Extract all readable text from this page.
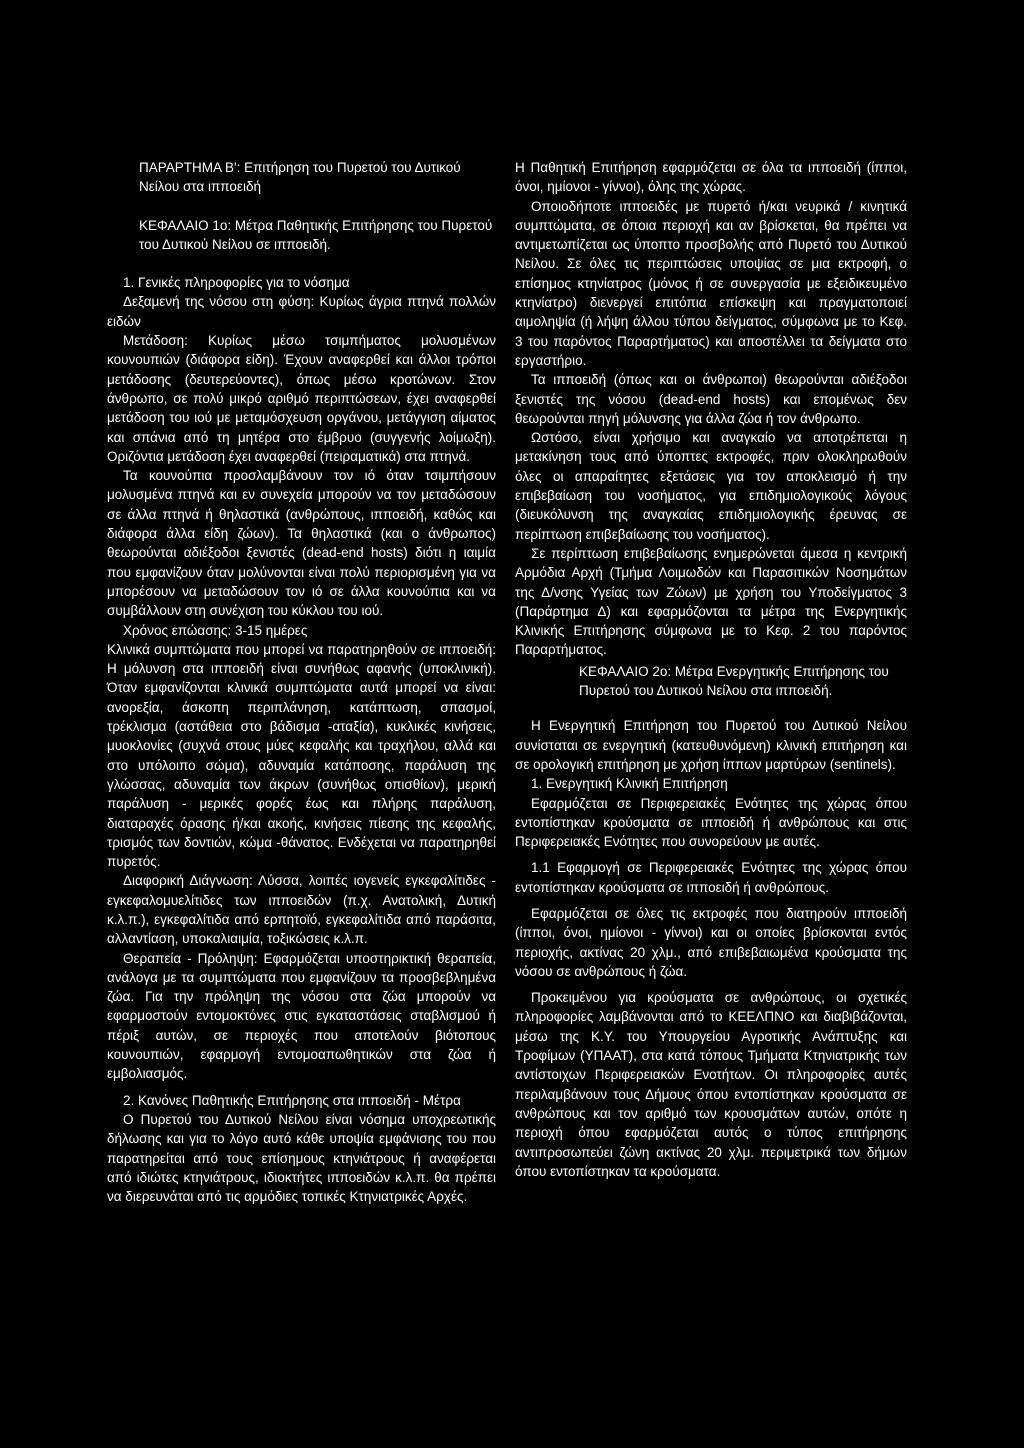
ΠΑΡΑΡΤΗΜΑ Β': Επιτήρηση του Πυρετού του Δυτικού Νείλου στα ιπποειδή

ΚΕΦΑΛΑΙΟ 1ο: Μέτρα Παθητικής Επιτήρησης του Πυρετού του Δυτικού Νείλου σε ιπποειδή.

1. Γενικές πληροφορίες για το νόσημα

Δεξαμενή της νόσου στη φύση: Κυρίως άγρια πτηνά πολλών ειδών

Μετάδοση: Κυρίως μέσω τσιμπήματος μολυσμένων κουνουπιών (διάφορα είδη). Έχουν αναφερθεί και άλλοι τρόποι μετάδοσης (δευτερεύοντες), όπως μέσω κροτώνων. Στον άνθρωπο, σε πολύ μικρό αριθμό περιπτώσεων, έχει αναφερθεί μετάδοση του ιού με μεταμόσχευση οργάνου, μετάγγιση αίματος και σπάνια από τη μητέρα στο έμβρυο (συγγενής λοίμωξη). Οριζόντια μετάδοση έχει αναφερθεί (πειραματικά) στα πτηνά.

Τα κουνούπια προσλαμβάνουν τον ιό όταν τσιμπήσουν μολυσμένα πτηνά και εν συνεχεία μπορούν να τον μεταδώσουν σε άλλα πτηνά ή θηλαστικά (ανθρώπους, ιπποειδή, καθώς και διάφορα άλλα είδη ζώων). Τα θηλαστικά (και ο άνθρωπος) θεωρούνται αδιέξοδοι ξενιστές (dead-end hosts) διότι η ιαιμία που εμφανίζουν όταν μολύνονται είναι πολύ περιορισμένη για να μπορέσουν να μεταδώσουν τον ιό σε άλλα κουνούπια και να συμβάλλουν στη συνέχιση του κύκλου του ιού.

Χρόνος επώασης: 3-15 ημέρες

Κλινικά συμπτώματα που μπορεί να παρατηρηθούν σε ιπποειδή: Η μόλυνση στα ιπποειδή είναι συνήθως αφανής (υποκλινική). Όταν εμφανίζονται κλινικά συμπτώματα αυτά μπορεί να είναι: ανορεξία, άσκοπη περιπλάνηση, κατάπτωση, σπασμοί, τρέκλισμα (αστάθεια στο βάδισμα -αταξία), κυκλικές κινήσεις, μυοκλονίες (συχνά στους μύες κεφαλής και τραχήλου, αλλά και στο υπόλοιπο σώμα), αδυναμία κατάποσης, παράλυση της γλώσσας, αδυναμία των άκρων (συνήθως οπισθίων), μερική παράλυση - μερικές φορές έως και πλήρης παράλυση, διαταραχές όρασης ή/και ακοής, κινήσεις πίεσης της κεφαλής, τρισμός των δοντιών, κώμα -θάνατος. Ενδέχεται να παρατηρηθεί πυρετός.

Διαφορική Διάγνωση: Λύσσα, λοιπές ιογενείς εγκεφαλίτιδες - εγκεφαλομυελίτιδες των ιπποειδών (π.χ. Ανατολική, Δυτική κ.λ.π.), εγκεφαλίτιδα από ερπητοϊό, εγκεφαλίτιδα από παράσιτα, αλλαντίαση, υποκαλιαιμία, τοξικώσεις κ.λ.π.

Θεραπεία - Πρόληψη: Εφαρμόζεται υποστηρικτική θεραπεία, ανάλογα με τα συμπτώματα που εμφανίζουν τα προσβεβλημένα ζώα. Για την πρόληψη της νόσου στα ζώα μπορούν να εφαρμοστούν εντομοκτόνες στις εγκαταστάσεις σταβλισμού ή πέριξ αυτών, σε περιοχές που αποτελούν βιότοπους κουνουπιών, εφαρμογή εντομοαπωθητικών στα ζώα ή εμβολιασμός.

2. Κανόνες Παθητικής Επιτήρησης στα ιπποειδή - Μέτρα

Ο Πυρετού του Δυτικού Νείλου είναι νόσημα υποχρεωτικής δήλωσης και για το λόγο αυτό κάθε υποψία εμφάνισης του που παρατηρείται από τους επίσημους κτηνιάτρους ή αναφέρεται από ιδιώτες κτηνιάτρους, ιδιοκτήτες ιπποειδών κ.λ.π. θα πρέπει να διερευνάται από τις αρμόδιες τοπικές Κτηνιατρικές Αρχές.

Η Παθητική Επιτήρηση εφαρμόζεται σε όλα τα ιπποειδή (ίπποι, όνοι, ημίονοι - γίννοι), όλης της χώρας.

Οποιοδήποτε ιπποειδές με πυρετό ή/και νευρικά / κινητικά συμπτώματα, σε όποια περιοχή και αν βρίσκεται, θα πρέπει να αντιμετωπίζεται ως ύποπτο προσβολής από Πυρετό του Δυτικού Νείλου. Σε όλες τις περιπτώσεις υποψίας σε μια εκτροφή, ο επίσημος κτηνίατρος (μόνος ή σε συνεργασία με εξειδικευμένο κτηνίατρο) διενεργεί επιτόπια επίσκεψη και πραγματοποιεί αιμοληψία (ή λήψη άλλου τύπου δείγματος, σύμφωνα με το Κεφ. 3 του παρόντος Παραρτήματος) και αποστέλλει τα δείγματα στο εργαστήριο.

Τα ιπποειδή (όπως και οι άνθρωποι) θεωρούνται αδιέξοδοι ξενιστές της νόσου (dead-end hosts) και επομένως δεν θεωρούνται πηγή μόλυνσης για άλλα ζώα ή τον άνθρωπο.

Ωστόσο, είναι χρήσιμο και αναγκαίο να αποτρέπεται η μετακίνηση τους από ύποπτες εκτροφές, πριν ολοκληρωθούν όλες οι απαραίτητες εξετάσεις για τον αποκλεισμό ή την επιβεβαίωση του νοσήματος, για επιδημιολογικούς λόγους (διευκόλυνση της αναγκαίας επιδημιολογικής έρευνας σε περίπτωση επιβεβαίωσης του νοσήματος).

Σε περίπτωση επιβεβαίωσης ενημερώνεται άμεσα η κεντρική Αρμόδια Αρχή (Τμήμα Λοιμωδών και Παρασιτικών Νοσημάτων της Δ/νσης Υγείας των Ζώων) με χρήση του Υποδείγματος 3 (Παράρτημα Δ) και εφαρμόζονται τα μέτρα της Ενεργητικής Κλινικής Επιτήρησης σύμφωνα με το Κεφ. 2 του παρόντος Παραρτήματος.

ΚΕΦΑΛΑΙΟ 2ο: Μέτρα Ενεργητικής Επιτήρησης του Πυρετού του Δυτικού Νείλου στα ιπποειδή.

Η Ενεργητική Επιτήρηση του Πυρετού του Δυτικού Νείλου συνίσταται σε ενεργητική (κατευθυνόμενη) κλινική επιτήρηση και σε ορολογική επιτήρηση με χρήση ίππων μαρτύρων (sentinels).

1. Ενεργητική Κλινική Επιτήρηση

Εφαρμόζεται σε Περιφερειακές Ενότητες της χώρας όπου εντοπίστηκαν κρούσματα σε ιπποειδή ή ανθρώπους και στις Περιφερειακές Ενότητες που συνορεύουν με αυτές.

1.1 Εφαρμογή σε Περιφερειακές Ενότητες της χώρας όπου εντοπίστηκαν κρούσματα σε ιπποειδή ή ανθρώπους.

Εφαρμόζεται σε όλες τις εκτροφές που διατηρούν ιπποειδή (ίπποι, όνοι, ημίονοι - γίννοι) και οι οποίες βρίσκονται εντός περιοχής, ακτίνας 20 χλμ., από επιβεβαιωμένα κρούσματα της νόσου σε ανθρώπους ή ζώα.

Προκειμένου για κρούσματα σε ανθρώπους, οι σχετικές πληροφορίες λαμβάνονται από το ΚΕΕΛΠΝΟ και διαβιβάζονται, μέσω της Κ.Υ. του Υπουργείου Αγροτικής Ανάπτυξης και Τροφίμων (ΥΠΑΑΤ), στα κατά τόπους Τμήματα Κτηνιατρικής των αντίστοιχων Περιφερειακών Ενοτήτων. Οι πληροφορίες αυτές περιλαμβάνουν τους Δήμους όπου εντοπίστηκαν κρούσματα σε ανθρώπους και τον αριθμό των κρουσμάτων αυτών, οπότε η περιοχή όπου εφαρμόζεται αυτός ο τύπος επιτήρησης αντιπροσωπεύει ζώνη ακτίνας 20 χλμ. περιμετρικά των δήμων όπου εντοπίστηκαν τα κρούσματα.
